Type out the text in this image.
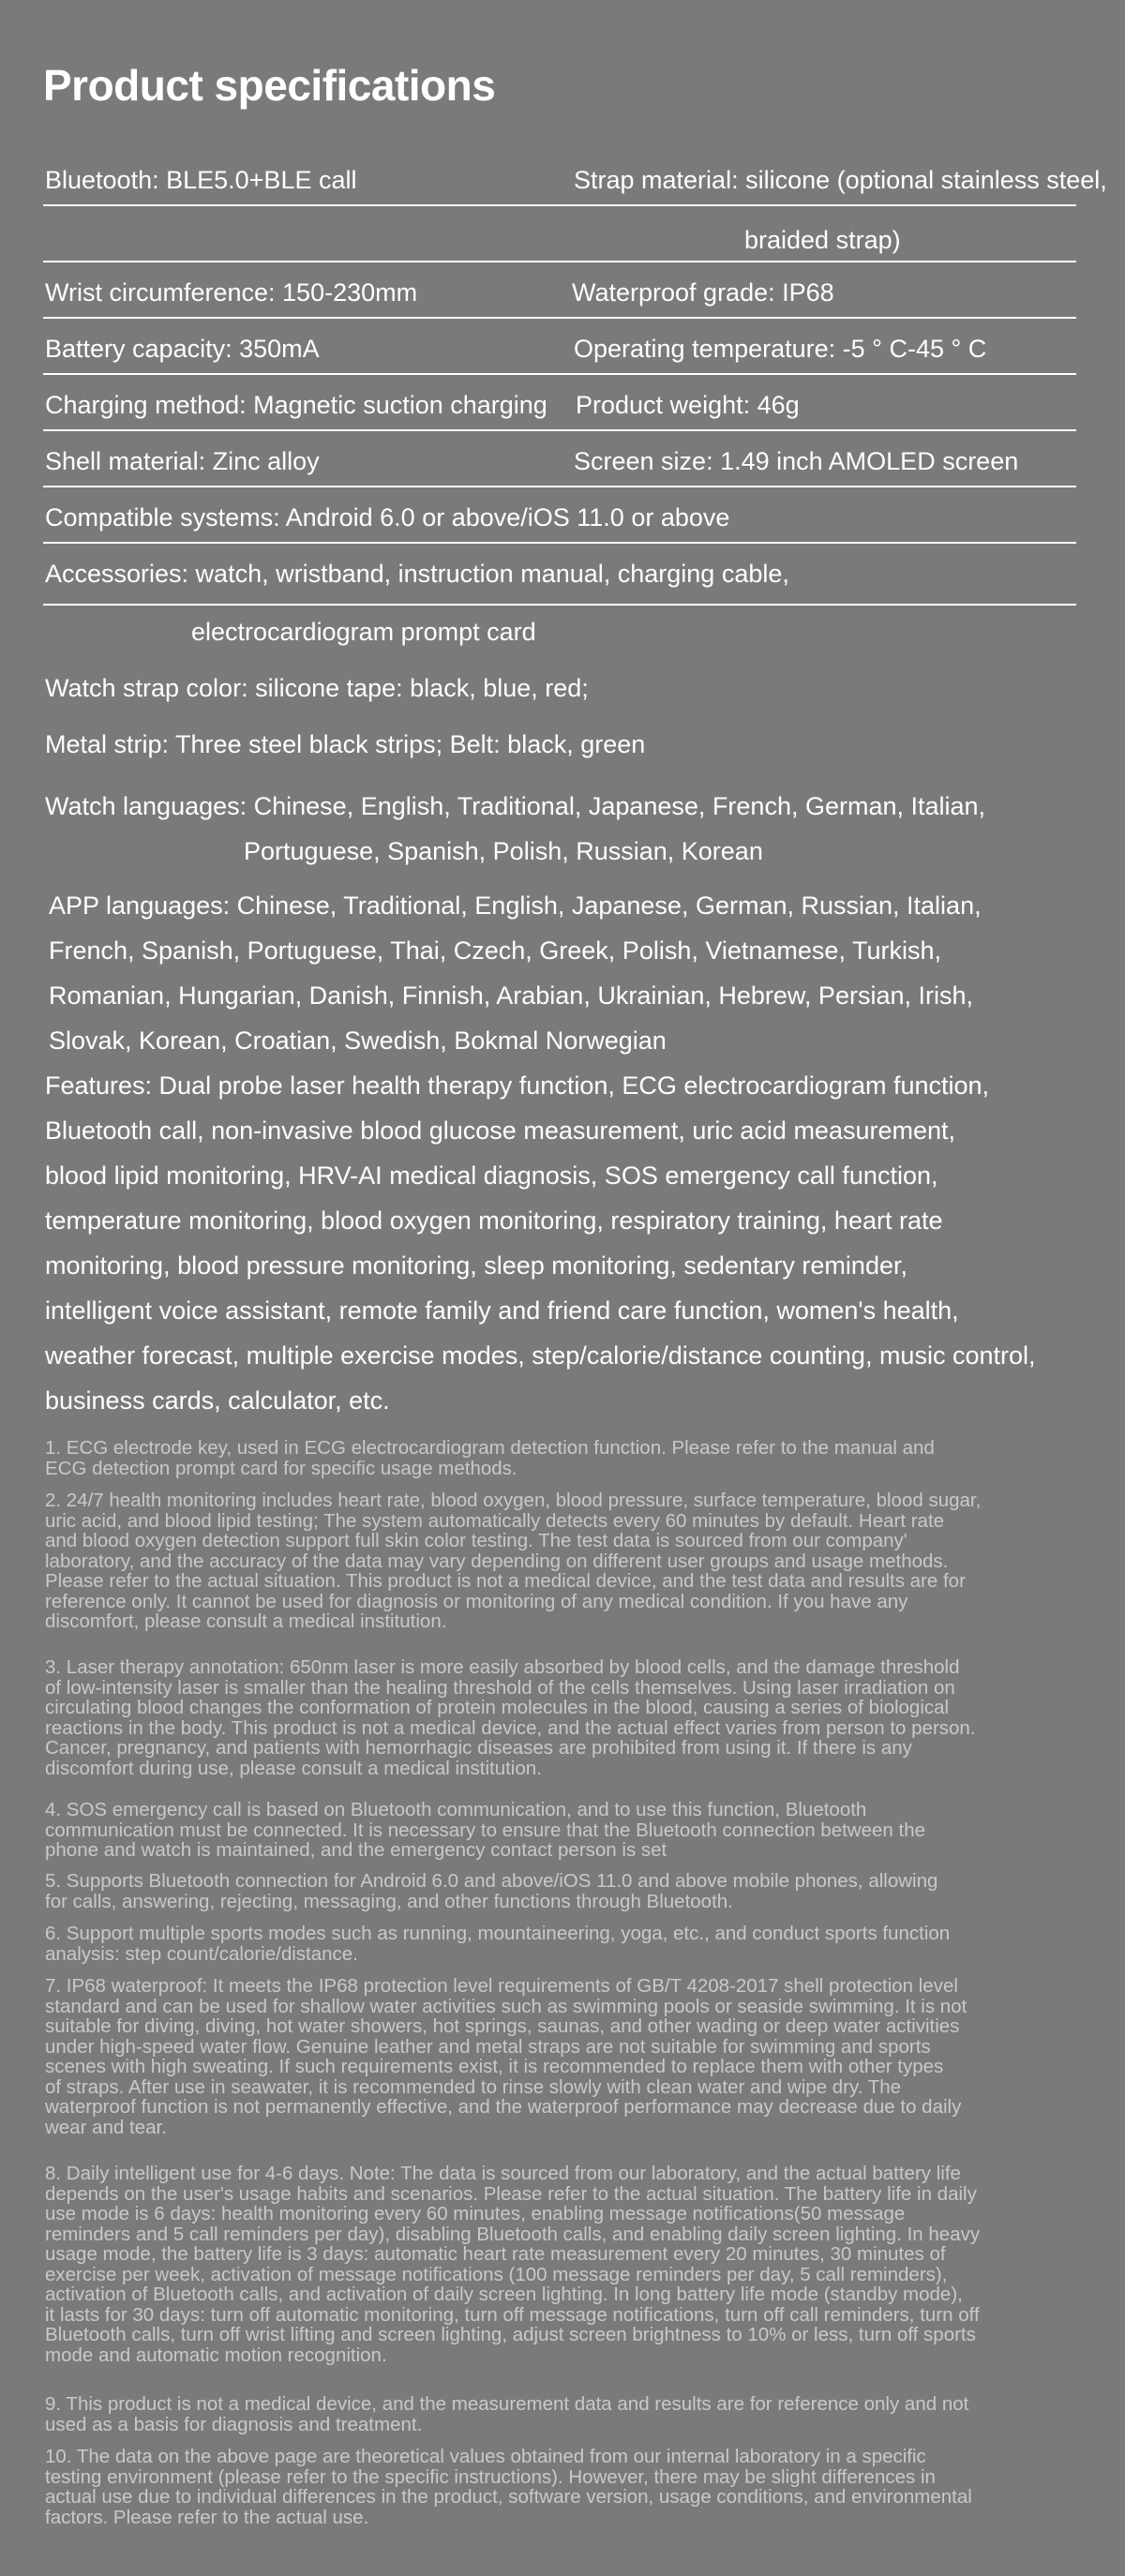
Product specifications
Bluetooth: BLE5.0+BLE call	Strap material: silicone (optional stainless steel,
braided strap)
Wrist circumference: 150-230mm	Waterproof grade: IP68
Battery capacity: 350mA	Operating temperature: -5 ° C-45 ° C
Charging method: Magnetic suction charging Product weight: 46g
Shell material: Zinc alloy	Screen size: 1.49 inch AMOLED screen
Compatible systems: Android 6.0 or above/iOS 11.0 or above
Accessories: watch, wristband, instruction manual, charging cable,
electrocardiogram prompt card
Watch strap color: silicone tape: black, blue, red;
Metal strip: Three steel black strips; Belt: black, green
Watch languages: Chinese, English, Traditional, Japanese, French, German, Italian,
Portuguese, Spanish, Polish, Russian, Korean
APP languages: Chinese, Traditional, English, Japanese, German, Russian, Italian,
French, Spanish, Portuguese, Thai, Czech, Greek, Polish, Vietnamese, Turkish,
Romanian, Hungarian, Danish, Finnish, Arabian, Ukrainian, Hebrew, Persian, Irish,
Slovak, Korean, Croatian, Swedish, Bokmal Norwegian
Features: Dual probe laser health therapy function, ECG electrocardiogram function,
Bluetooth call, non-invasive blood glucose measurement, uric acid measurement,
blood lipid monitoring, HRV-AI medical diagnosis, SOS emergency call function,
temperature monitoring, blood oxygen monitoring, respiratory training, heart rate
monitoring, blood pressure monitoring, sleep monitoring, sedentary reminder,
intelligent voice assistant, remote family and friend care function, women's health,
weather forecast, multiple exercise modes, step/calorie/distance counting, music control,
business cards, calculator, etc.
1. ECG electrode key, used in ECG electrocardiogram detection function. Please refer to the manual and
ECG detection prompt card for specific usage methods.
2. 24/7 health monitoring includes heart rate, blood oxygen, blood pressure, surface temperature, blood sugar,
uric acid, and blood lipid testing; The system automatically detects every 60 minutes by default. Heart rate
and blood oxygen detection support full skin color testing. The test data is sourced from our company'
laboratory, and the accuracy of the data may vary depending on different user groups and usage methods.
Please refer to the actual situation. This product is not a medical device, and the test data and results are for
reference only. It cannot be used for diagnosis or monitoring of any medical condition. If you have any
discomfort, please consult a medical institution.
3. Laser therapy annotation: 650nm laser is more easily absorbed by blood cells, and the damage threshold
of low-intensity laser is smaller than the healing threshold of the cells themselves. Using laser irradiation on
circulating blood changes the conformation of protein molecules in the blood, causing a series of biological
reactions in the body. This product is not a medical device, and the actual effect varies from person to person.
Cancer, pregnancy, and patients with hemorrhagic diseases are prohibited from using it. If there is any
discomfort during use, please consult a medical institution.
4. SOS emergency call is based on Bluetooth communication, and to use this function, Bluetooth
communication must be connected. It is necessary to ensure that the Bluetooth connection between the
phone and watch is maintained, and the emergency contact person is set
5. Supports Bluetooth connection for Android 6.0 and above/iOS 11.0 and above mobile phones, allowing
for calls, answering, rejecting, messaging, and other functions through Bluetooth.
6. Support multiple sports modes such as running, mountaineering, yoga, etc., and conduct sports function
analysis: step count/calorie/distance.
7. IP68 waterproof: It meets the IP68 protection level requirements of GB/T 4208-2017 shell protection level
standard and can be used for shallow water activities such as swimming pools or seaside swimming. It is not
suitable for diving, diving, hot water showers, hot springs, saunas, and other wading or deep water activities
under high-speed water flow. Genuine leather and metal straps are not suitable for swimming and sports
scenes with high sweating. If such requirements exist, it is recommended to replace them with other types
of straps. After use in seawater, it is recommended to rinse slowly with clean water and wipe dry. The
waterproof function is not permanently effective, and the waterproof performance may decrease due to daily
wear and tear.
8. Daily intelligent use for 4-6 days. Note: The data is sourced from our laboratory, and the actual battery life
depends on the user's usage habits and scenarios. Please refer to the actual situation. The battery life in daily
use mode is 6 days: health monitoring every 60 minutes, enabling message notifications(50 message
reminders and 5 call reminders per day), disabling Bluetooth calls, and enabling daily screen lighting. In heavy
usage mode, the battery life is 3 days: automatic heart rate measurement every 20 minutes, 30 minutes of
exercise per week, activation of message notifications (100 message reminders per day, 5 call reminders),
activation of Bluetooth calls, and activation of daily screen lighting. In long battery life mode (standby mode),
it lasts for 30 days: turn off automatic monitoring, turn off message notifications, turn off call reminders, turn off
Bluetooth calls, turn off wrist lifting and screen lighting, adjust screen brightness to 10% or less, turn off sports
mode and automatic motion recognition.
9. This product is not a medical device, and the measurement data and results are for reference only and not
used as a basis for diagnosis and treatment.
10. The data on the above page are theoretical values obtained from our internal laboratory in a specific
testing environment (please refer to the specific instructions). However, there may be slight differences in
actual use due to individual differences in the product, software version, usage conditions, and environmental
factors. Please refer to the actual use.
